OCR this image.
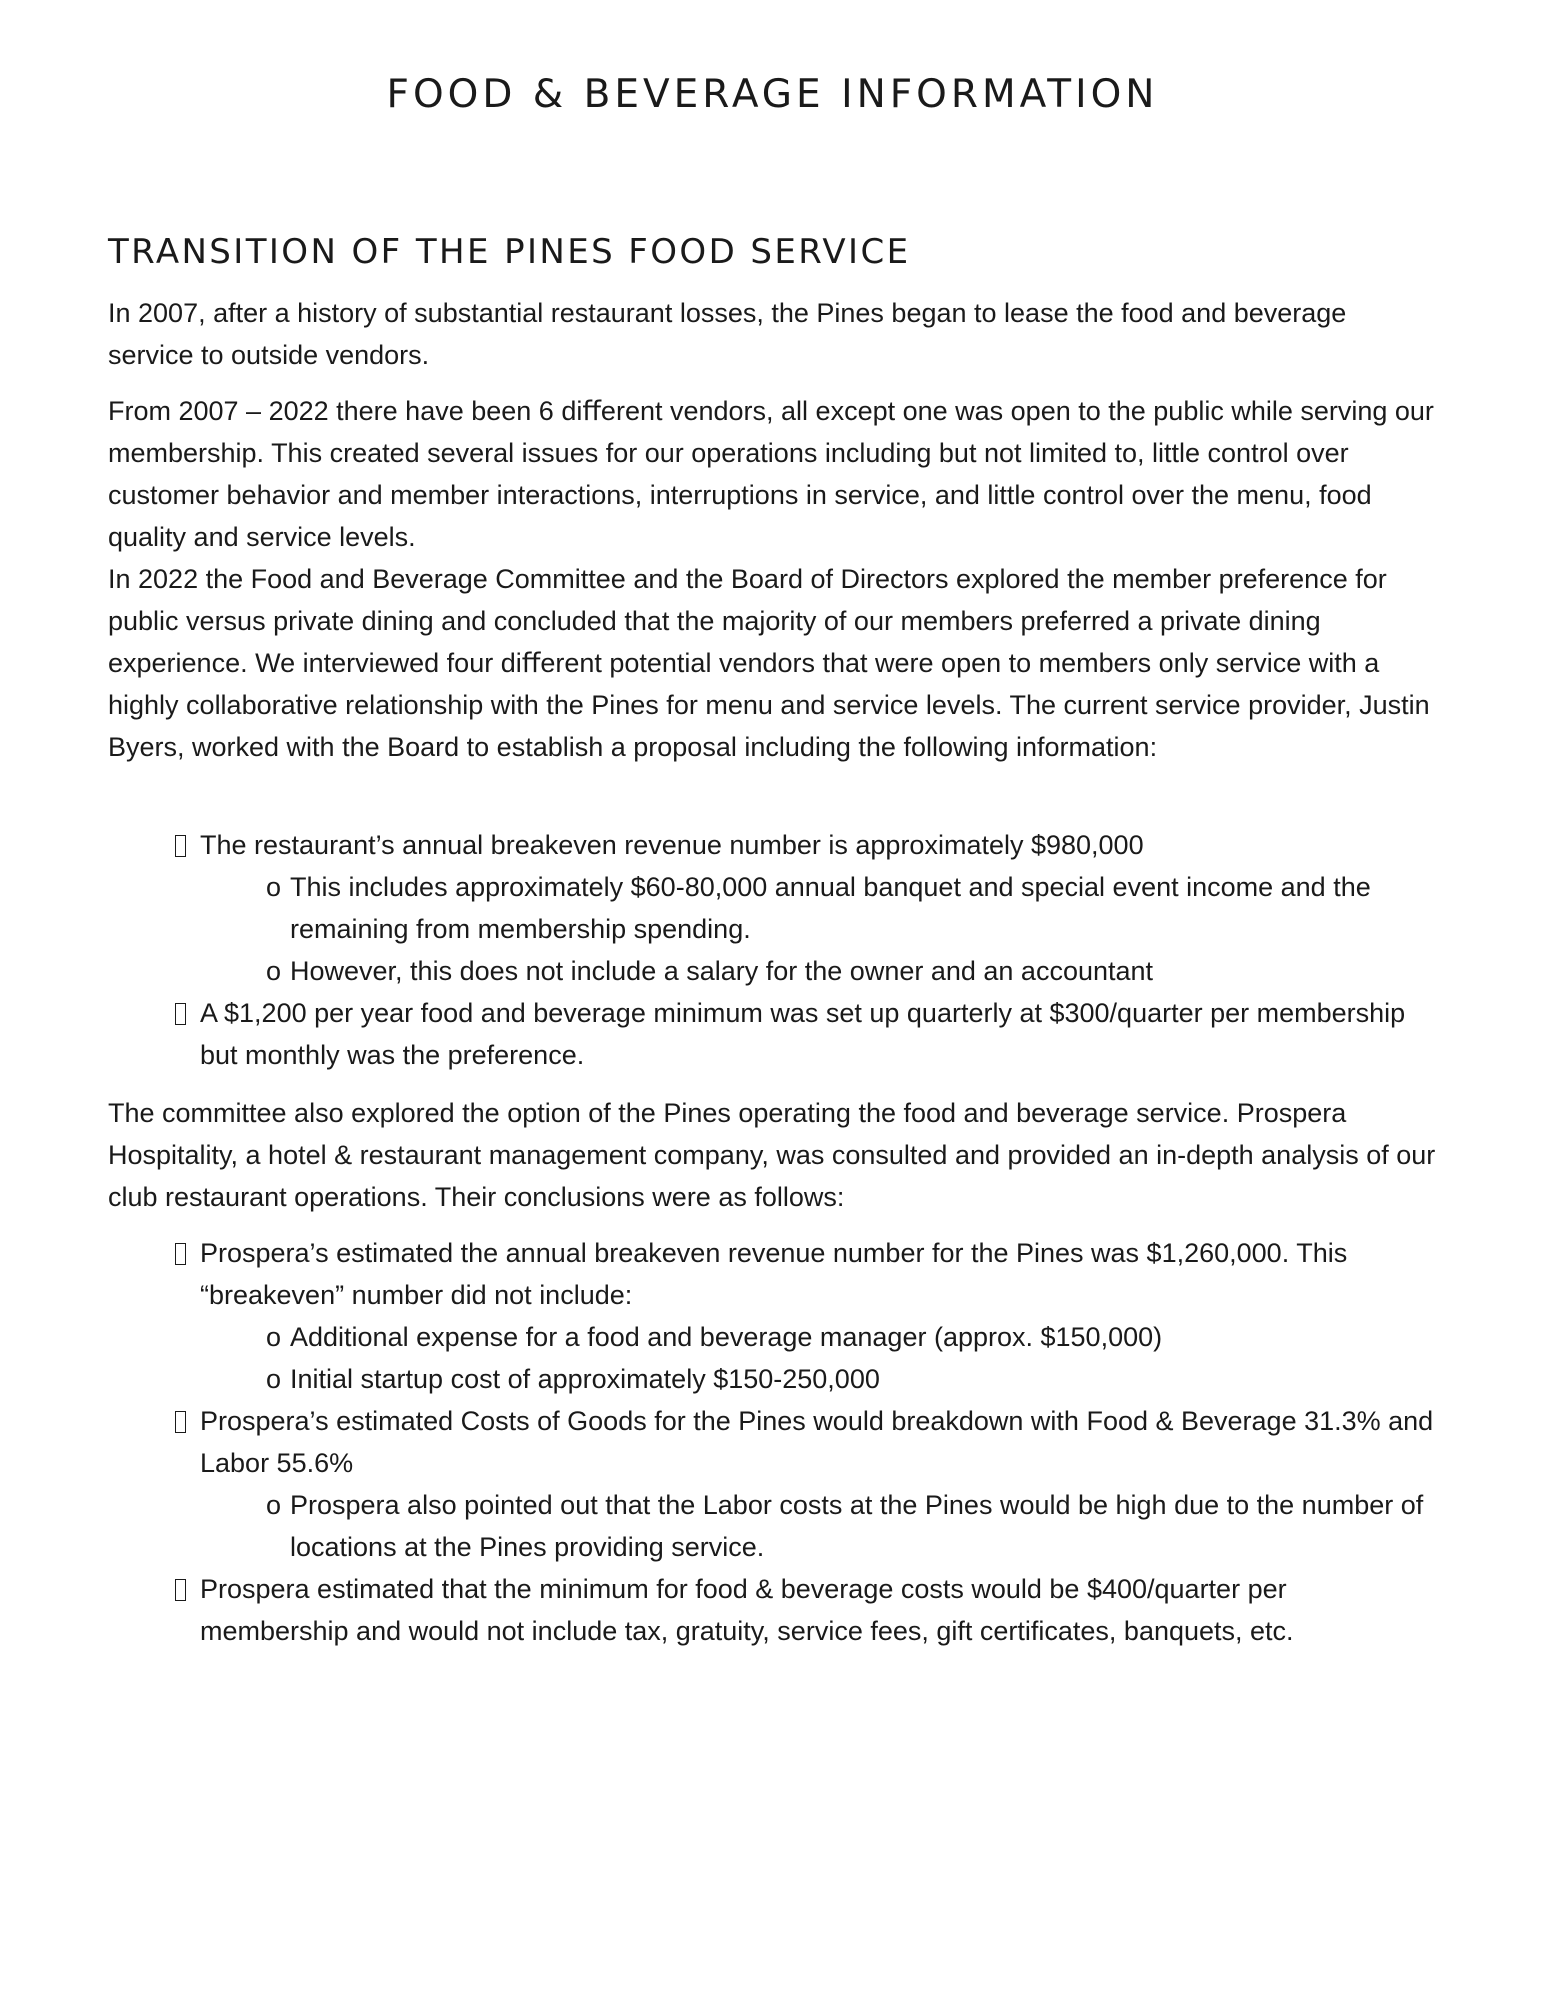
FOOD & BEVERAGE INFORMATION
TRANSITION OF THE PINES FOOD SERVICE

In 2007, after a history of substantial restaurant losses, the Pines began to lease the food and beverage service to outside vendors.

From 2007 – 2022 there have been 6 diﬀerent vendors, all except one was open to the public while serving our membership. This created several issues for our operations including but not limited to, little control over customer behavior and member interactions, interruptions in service, and little control over the menu, food quality and service levels.

In 2022 the Food and Beverage Committee and the Board of Directors explored the member preference for public versus private dining and concluded that the majority of our members preferred a private dining experience. We interviewed four diﬀerent potential vendors that were open to members only service with a highly collaborative relationship with the Pines for menu and service levels. The current service provider, Justin Byers, worked with the Board to establish a proposal including the following information:

The restaurant’s annual breakeven revenue number is approximately $980,000
o This includes approximately $60-80,000 annual banquet and special event income and the remaining from membership spending.
o However, this does not include a salary for the owner and an accountant
A $1,200 per year food and beverage minimum was set up quarterly at $300/quarter per membership but monthly was the preference.

The committee also explored the option of the Pines operating the food and beverage service. Prospera Hospitality, a hotel & restaurant management company, was consulted and provided an in-depth analysis of our club restaurant operations. Their conclusions were as follows:

Prospera’s estimated the annual breakeven revenue number for the Pines was $1,260,000. This “breakeven” number did not include:
o Additional expense for a food and beverage manager (approx. $150,000)
o Initial startup cost of approximately $150-250,000
Prospera’s estimated Costs of Goods for the Pines would breakdown with Food & Beverage 31.3% and Labor 55.6%
o Prospera also pointed out that the Labor costs at the Pines would be high due to the number of locations at the Pines providing service.
Prospera estimated that the minimum for food & beverage costs would be $400/quarter per membership and would not include tax, gratuity, service fees, gift certificates, banquets, etc.
